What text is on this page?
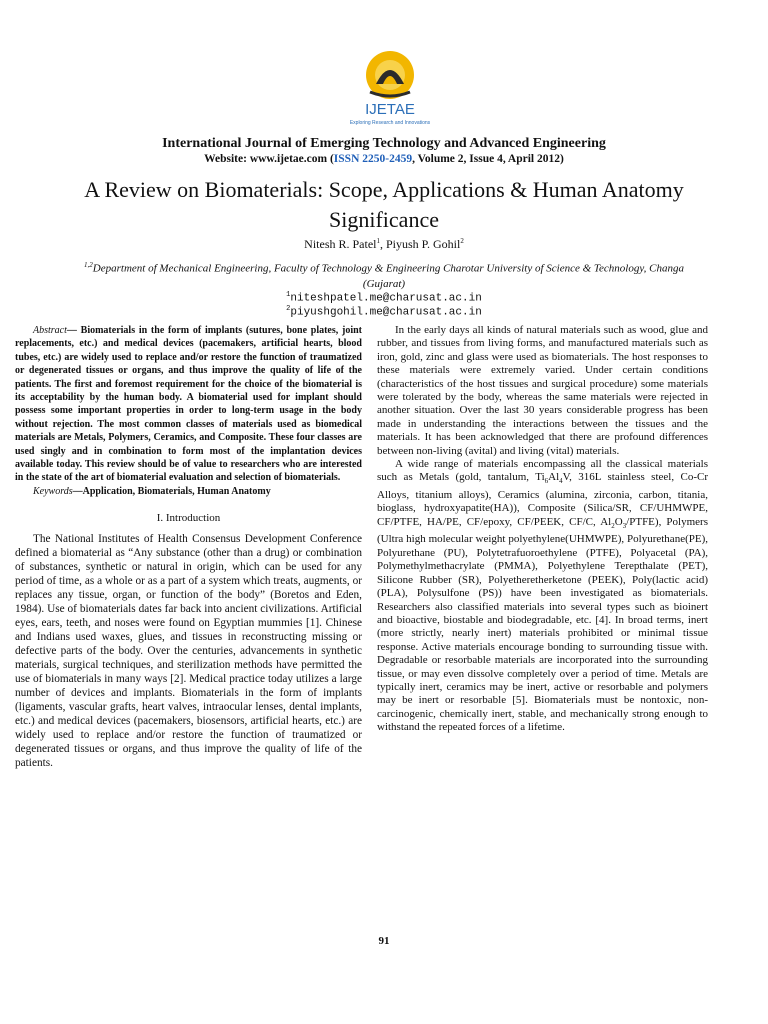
IJETAE
Exploring Research and Innovations
International Journal of Emerging Technology and Advanced Engineering
Website: www.ijetae.com (ISSN 2250-2459, Volume 2, Issue 4, April 2012)
A Review on Biomaterials: Scope, Applications & Human Anatomy Significance
Nitesh R. Patel$^1$, Piyush P. Gohil$^2$
$^{1,2}$Department of Mechanical Engineering, Faculty of Technology & Engineering Charotar University of Science & Technology, Changa (Gujarat)
$^1$niteshpatel.me@charusat.ac.in
$^2$piyushgohil.me@charusat.ac.in

Abstract— Biomaterials in the form of implants (sutures, bone plates, joint replacements, etc.) and medical devices (pacemakers, artificial hearts, blood tubes, etc.) are widely used to replace and/or restore the function of traumatized or degenerated tissues or organs, and thus improve the quality of life of the patients. The first and foremost requirement for the choice of the biomaterial is its acceptability by the human body. A biomaterial used for implant should possess some important properties in order to long-term usage in the body without rejection. The most common classes of materials used as biomedical materials are Metals, Polymers, Ceramics, and Composite. These four classes are used singly and in combination to form most of the implantation devices available today. This review should be of value to researchers who are interested in the state of the art of biomaterial evaluation and selection of biomaterials.

Keywords—Application, Biomaterials, Human Anatomy

I. Introduction

The National Institutes of Health Consensus Development Conference defined a biomaterial as “Any substance (other than a drug) or combination of substances, synthetic or natural in origin, which can be used for any period of time, as a whole or as a part of a system which treats, augments, or replaces any tissue, organ, or function of the body” (Boretos and Eden, 1984). Use of biomaterials dates far back into ancient civilizations. Artificial eyes, ears, teeth, and noses were found on Egyptian mummies [1]. Chinese and Indians used waxes, glues, and tissues in reconstructing missing or defective parts of the body. Over the centuries, advancements in synthetic materials, surgical techniques, and sterilization methods have permitted the use of biomaterials in many ways [2]. Medical practice today utilizes a large number of devices and implants. Biomaterials in the form of implants (ligaments, vascular grafts, heart valves, intraocular lenses, dental implants, etc.) and medical devices (pacemakers, biosensors, artificial hearts, etc.) are widely used to replace and/or restore the function of traumatized or degenerated tissues or organs, and thus improve the quality of life of the patients.

In the early days all kinds of natural materials such as wood, glue and rubber, and tissues from living forms, and manufactured materials such as iron, gold, zinc and glass were used as biomaterials. The host responses to these materials were extremely varied. Under certain conditions (characteristics of the host tissues and surgical procedure) some materials were tolerated by the body, whereas the same materials were rejected in another situation. Over the last 30 years considerable progress has been made in understanding the interactions between the tissues and the materials. It has been acknowledged that there are profound differences between non-living (avital) and living (vital) materials.

A wide range of materials encompassing all the classical materials such as Metals (gold, tantalum, $Ti_6Al_4V$, 316L stainless steel, Co-Cr Alloys, titanium alloys), Ceramics (alumina, zirconia, carbon, titania, bioglass, hydroxyapatite(HA)), Composite (Silica/SR, CF/UHMWPE, CF/PTFE, HA/PE, CF/epoxy, CF/PEEK, CF/C, $Al_2O_3/PTFE$), Polymers (Ultra high molecular weight polyethylene(UHMWPE), Polyurethane(PE), Polyurethane (PU), Polytetrafuoroethylene (PTFE), Polyacetal (PA), Polymethylmethacrylate (PMMA), Polyethylene Terepthalate (PET), Silicone Rubber (SR), Polyetheretherketone (PEEK), Poly(lactic acid) (PLA), Polysulfone (PS)) have been investigated as biomaterials. Researchers also classified materials into several types such as bioinert and bioactive, biostable and biodegradable, etc. [4]. In broad terms, inert (more strictly, nearly inert) materials prohibited or minimal tissue response. Active materials encourage bonding to surrounding tissue with. Degradable or resorbable materials are incorporated into the surrounding tissue, or may even dissolve completely over a period of time. Metals are typically inert, ceramics may be inert, active or resorbable and polymers may be inert or resorbable [5]. Biomaterials must be nontoxic, non-carcinogenic, chemically inert, stable, and mechanically strong enough to withstand the repeated forces of a lifetime.

91
